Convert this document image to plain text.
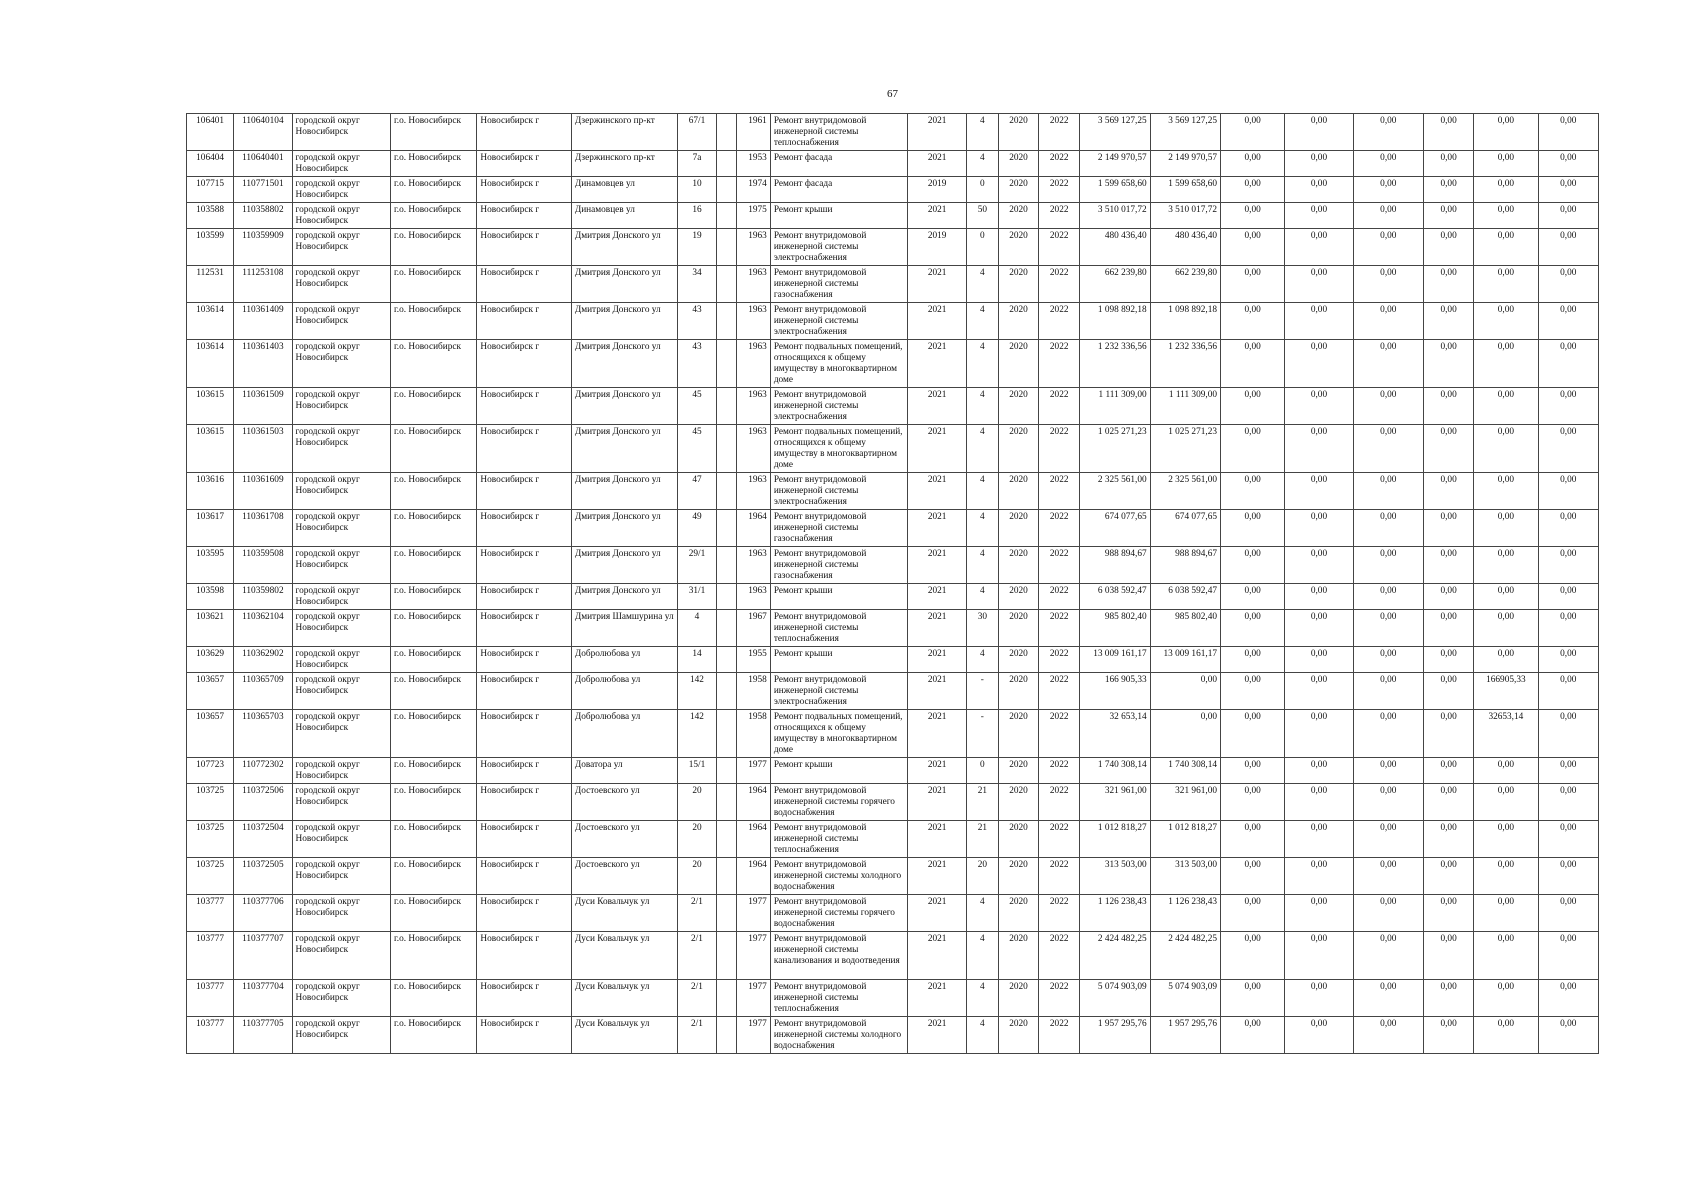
67
106401	110640104	городской округ Новосибирск	г.о. Новосибирск	Новосибирск г	Дзержинского пр-кт	67/1		1961	Ремонт внутридомовой инженерной системы теплоснабжения	2021	4	2020	2022	3 569 127,25	3 569 127,25	0,00	0,00	0,00	0,00	0,00	0,00
106404	110640401	городской округ Новосибирск	г.о. Новосибирск	Новосибирск г	Дзержинского пр-кт	7а		1953	Ремонт фасада	2021	4	2020	2022	2 149 970,57	2 149 970,57	0,00	0,00	0,00	0,00	0,00	0,00
107715	110771501	городской округ Новосибирск	г.о. Новосибирск	Новосибирск г	Динамовцев ул	10		1974	Ремонт фасада	2019	0	2020	2022	1 599 658,60	1 599 658,60	0,00	0,00	0,00	0,00	0,00	0,00
103588	110358802	городской округ Новосибирск	г.о. Новосибирск	Новосибирск г	Динамовцев ул	16		1975	Ремонт крыши	2021	50	2020	2022	3 510 017,72	3 510 017,72	0,00	0,00	0,00	0,00	0,00	0,00
103599	110359909	городской округ Новосибирск	г.о. Новосибирск	Новосибирск г	Дмитрия Донского ул	19		1963	Ремонт внутридомовой инженерной системы электроснабжения	2019	0	2020	2022	480 436,40	480 436,40	0,00	0,00	0,00	0,00	0,00	0,00
112531	111253108	городской округ Новосибирск	г.о. Новосибирск	Новосибирск г	Дмитрия Донского ул	34		1963	Ремонт внутридомовой инженерной системы газоснабжения	2021	4	2020	2022	662 239,80	662 239,80	0,00	0,00	0,00	0,00	0,00	0,00
103614	110361409	городской округ Новосибирск	г.о. Новосибирск	Новосибирск г	Дмитрия Донского ул	43		1963	Ремонт внутридомовой инженерной системы электроснабжения	2021	4	2020	2022	1 098 892,18	1 098 892,18	0,00	0,00	0,00	0,00	0,00	0,00
103614	110361403	городской округ Новосибирск	г.о. Новосибирск	Новосибирск г	Дмитрия Донского ул	43		1963	Ремонт подвальных помещений, относящихся к общему имуществу в многоквартирном доме	2021	4	2020	2022	1 232 336,56	1 232 336,56	0,00	0,00	0,00	0,00	0,00	0,00
103615	110361509	городской округ Новосибирск	г.о. Новосибирск	Новосибирск г	Дмитрия Донского ул	45		1963	Ремонт внутридомовой инженерной системы электроснабжения	2021	4	2020	2022	1 111 309,00	1 111 309,00	0,00	0,00	0,00	0,00	0,00	0,00
103615	110361503	городской округ Новосибирск	г.о. Новосибирск	Новосибирск г	Дмитрия Донского ул	45		1963	Ремонт подвальных помещений, относящихся к общему имуществу в многоквартирном доме	2021	4	2020	2022	1 025 271,23	1 025 271,23	0,00	0,00	0,00	0,00	0,00	0,00
103616	110361609	городской округ Новосибирск	г.о. Новосибирск	Новосибирск г	Дмитрия Донского ул	47		1963	Ремонт внутридомовой инженерной системы электроснабжения	2021	4	2020	2022	2 325 561,00	2 325 561,00	0,00	0,00	0,00	0,00	0,00	0,00
103617	110361708	городской округ Новосибирск	г.о. Новосибирск	Новосибирск г	Дмитрия Донского ул	49		1964	Ремонт внутридомовой инженерной системы газоснабжения	2021	4	2020	2022	674 077,65	674 077,65	0,00	0,00	0,00	0,00	0,00	0,00
103595	110359508	городской округ Новосибирск	г.о. Новосибирск	Новосибирск г	Дмитрия Донского ул	29/1		1963	Ремонт внутридомовой инженерной системы газоснабжения	2021	4	2020	2022	988 894,67	988 894,67	0,00	0,00	0,00	0,00	0,00	0,00
103598	110359802	городской округ Новосибирск	г.о. Новосибирск	Новосибирск г	Дмитрия Донского ул	31/1		1963	Ремонт крыши	2021	4	2020	2022	6 038 592,47	6 038 592,47	0,00	0,00	0,00	0,00	0,00	0,00
103621	110362104	городской округ Новосибирск	г.о. Новосибирск	Новосибирск г	Дмитрия Шамшурина ул	4		1967	Ремонт внутридомовой инженерной системы теплоснабжения	2021	30	2020	2022	985 802,40	985 802,40	0,00	0,00	0,00	0,00	0,00	0,00
103629	110362902	городской округ Новосибирск	г.о. Новосибирск	Новосибирск г	Добролюбова ул	14		1955	Ремонт крыши	2021	4	2020	2022	13 009 161,17	13 009 161,17	0,00	0,00	0,00	0,00	0,00	0,00
103657	110365709	городской округ Новосибирск	г.о. Новосибирск	Новосибирск г	Добролюбова ул	142		1958	Ремонт внутридомовой инженерной системы электроснабжения	2021	-	2020	2022	166 905,33	0,00	0,00	0,00	0,00	0,00	166905,33	0,00
103657	110365703	городской округ Новосибирск	г.о. Новосибирск	Новосибирск г	Добролюбова ул	142		1958	Ремонт подвальных помещений, относящихся к общему имуществу в многоквартирном доме	2021	-	2020	2022	32 653,14	0,00	0,00	0,00	0,00	0,00	32653,14	0,00
107723	110772302	городской округ Новосибирск	г.о. Новосибирск	Новосибирск г	Доватора ул	15/1		1977	Ремонт крыши	2021	0	2020	2022	1 740 308,14	1 740 308,14	0,00	0,00	0,00	0,00	0,00	0,00
103725	110372506	городской округ Новосибирск	г.о. Новосибирск	Новосибирск г	Достоевского ул	20		1964	Ремонт внутридомовой инженерной системы горячего водоснабжения	2021	21	2020	2022	321 961,00	321 961,00	0,00	0,00	0,00	0,00	0,00	0,00
103725	110372504	городской округ Новосибирск	г.о. Новосибирск	Новосибирск г	Достоевского ул	20		1964	Ремонт внутридомовой инженерной системы теплоснабжения	2021	21	2020	2022	1 012 818,27	1 012 818,27	0,00	0,00	0,00	0,00	0,00	0,00
103725	110372505	городской округ Новосибирск	г.о. Новосибирск	Новосибирск г	Достоевского ул	20		1964	Ремонт внутридомовой инженерной системы холодного водоснабжения	2021	20	2020	2022	313 503,00	313 503,00	0,00	0,00	0,00	0,00	0,00	0,00
103777	110377706	городской округ Новосибирск	г.о. Новосибирск	Новосибирск г	Дуси Ковальчук ул	2/1		1977	Ремонт внутридомовой инженерной системы горячего водоснабжения	2021	4	2020	2022	1 126 238,43	1 126 238,43	0,00	0,00	0,00	0,00	0,00	0,00
103777	110377707	городской округ Новосибирск	г.о. Новосибирск	Новосибирск г	Дуси Ковальчук ул	2/1		1977	Ремонт внутридомовой инженерной системы канализования и водоотведения	2021	4	2020	2022	2 424 482,25	2 424 482,25	0,00	0,00	0,00	0,00	0,00	0,00
103777	110377704	городской округ Новосибирск	г.о. Новосибирск	Новосибирск г	Дуси Ковальчук ул	2/1		1977	Ремонт внутридомовой инженерной системы теплоснабжения	2021	4	2020	2022	5 074 903,09	5 074 903,09	0,00	0,00	0,00	0,00	0,00	0,00
103777	110377705	городской округ Новосибирск	г.о. Новосибирск	Новосибирск г	Дуси Ковальчук ул	2/1		1977	Ремонт внутридомовой инженерной системы холодного водоснабжения	2021	4	2020	2022	1 957 295,76	1 957 295,76	0,00	0,00	0,00	0,00	0,00	0,00
